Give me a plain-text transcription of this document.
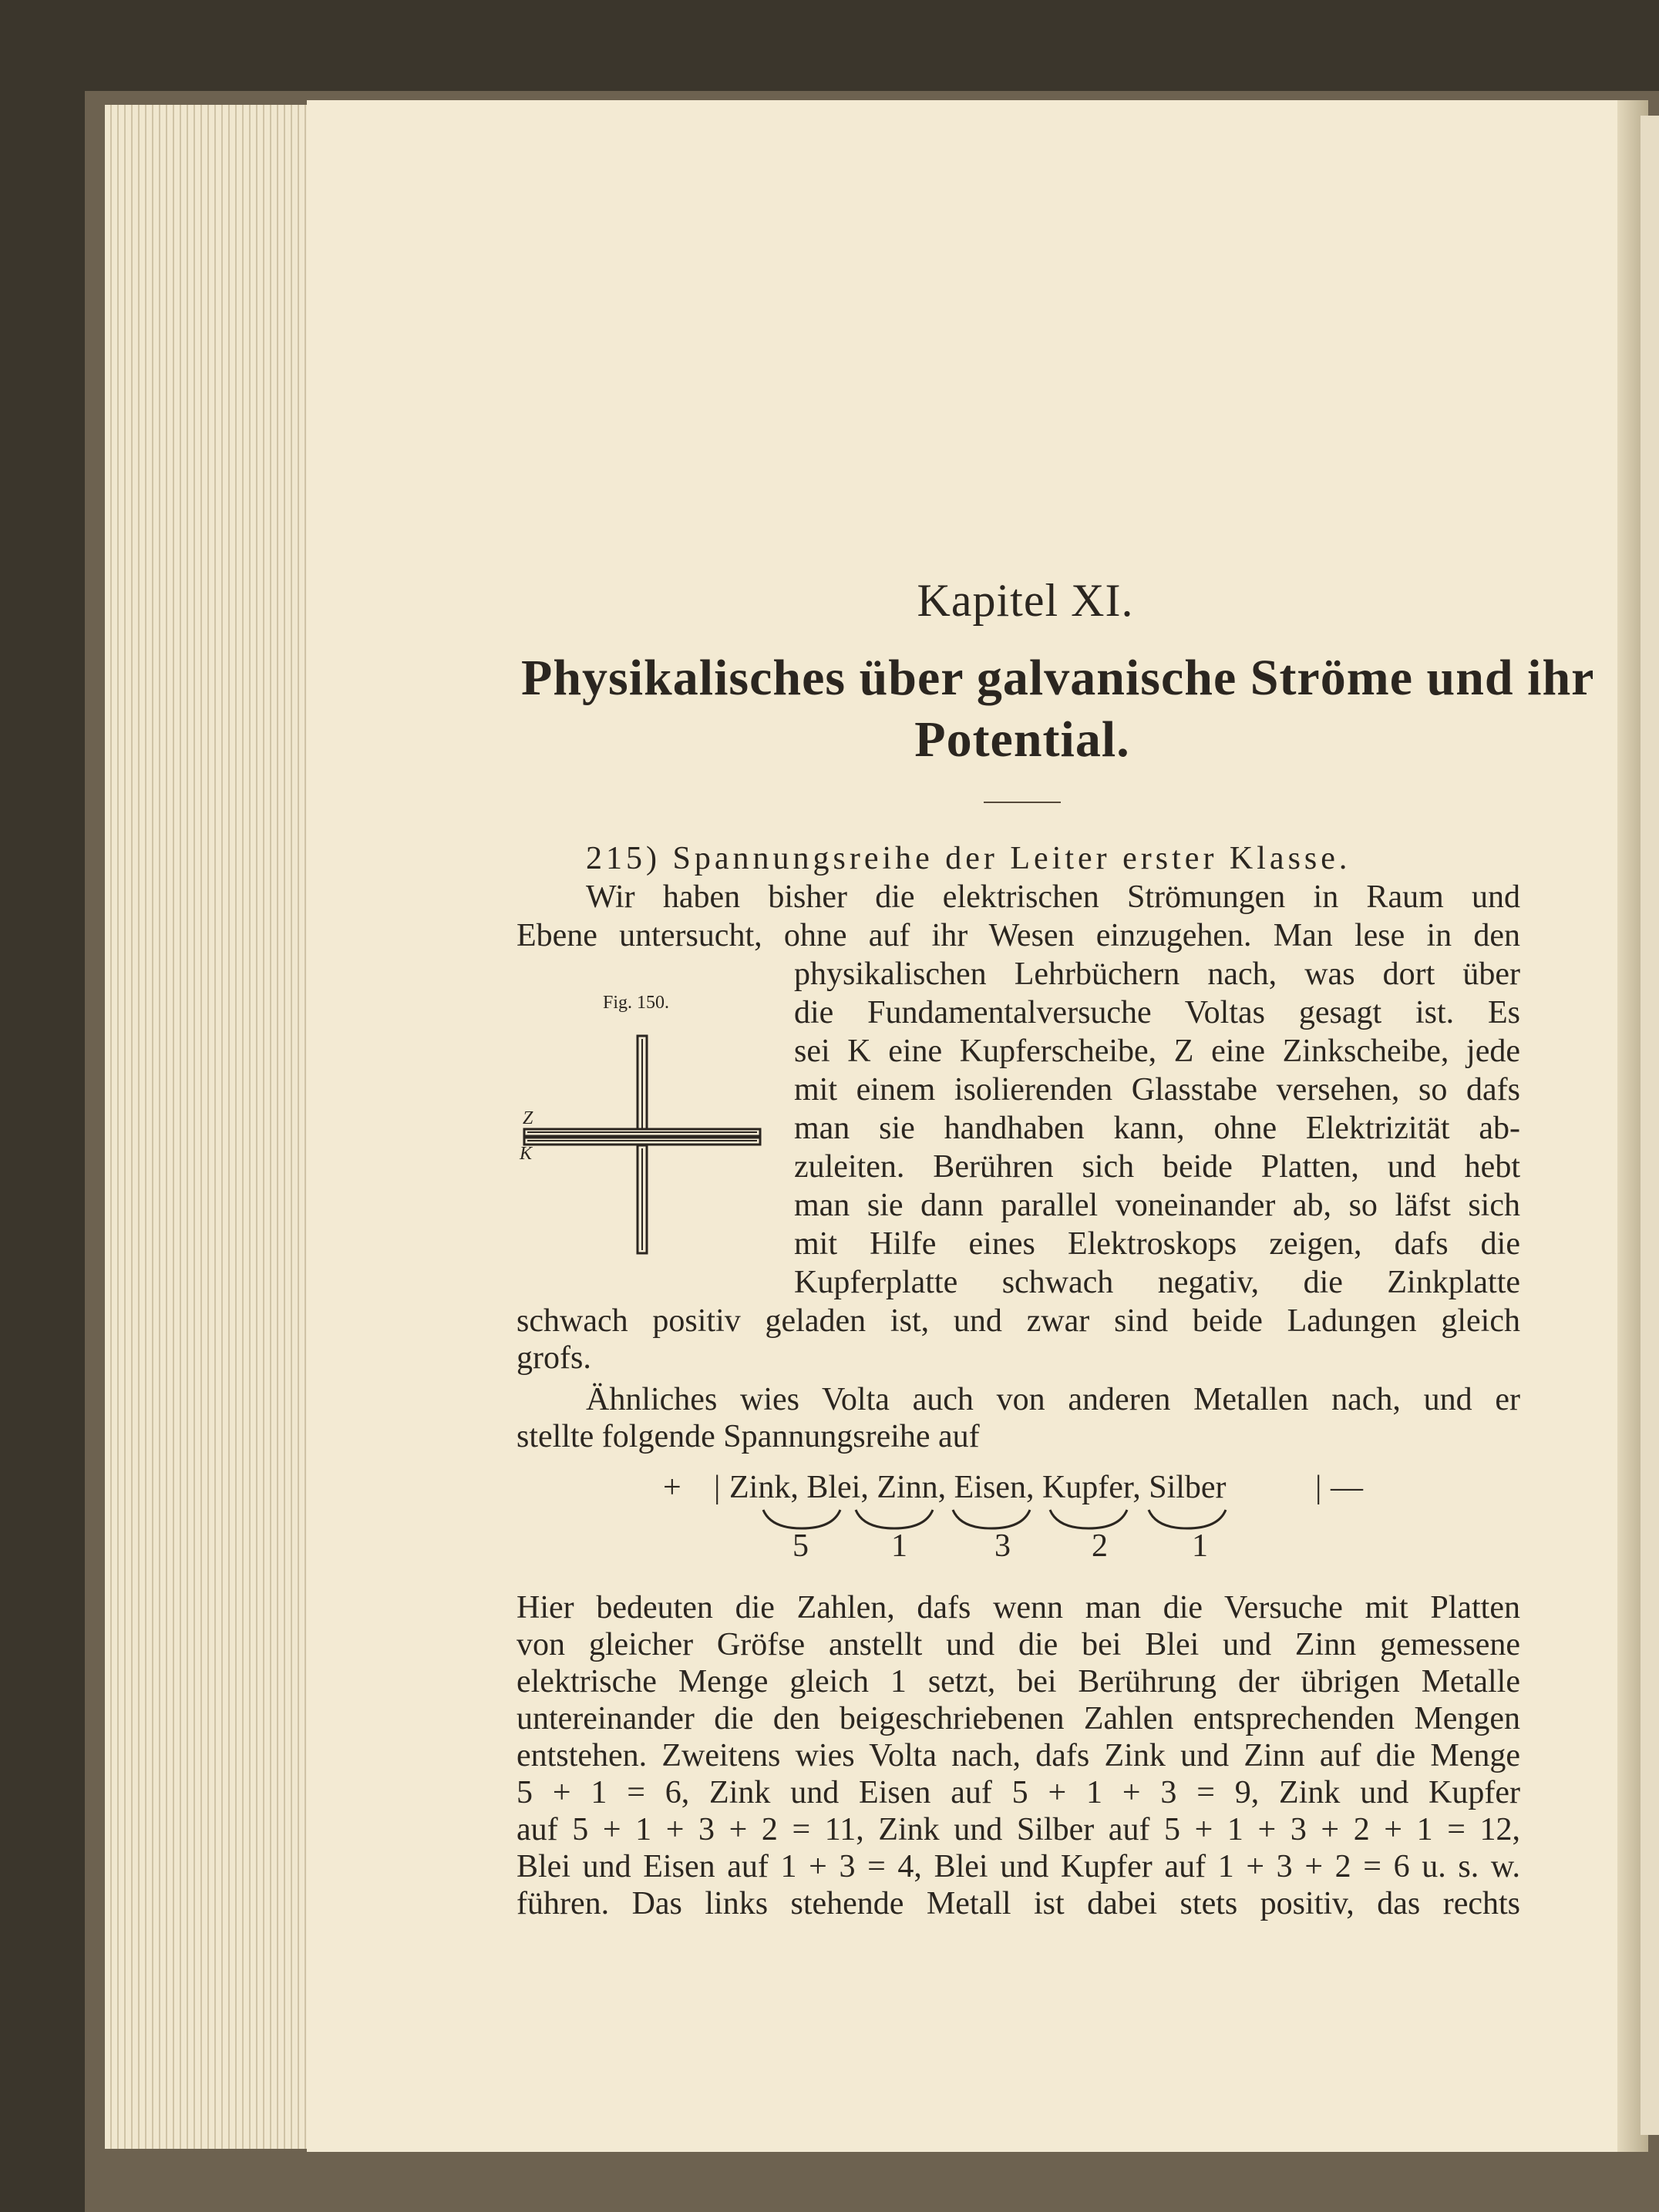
Kapitel XI.
Physikalisches über galvanische Ströme und ihr
Potential.
215) Spannungsreihe der Leiter erster Klasse.
Wir haben bisher die elektrischen Strömungen in Raum und
Ebene untersucht, ohne auf ihr Wesen einzugehen. Man lese in den
physikalischen Lehrbüchern nach, was dort über
die Fundamentalversuche Voltas gesagt ist. Es
sei K eine Kupferscheibe, Z eine Zinkscheibe, jede
mit einem isolierenden Glasstabe versehen, so dafs
man sie handhaben kann, ohne Elektrizität ab-
zuleiten. Berühren sich beide Platten, und hebt
man sie dann parallel voneinander ab, so läfst sich
mit Hilfe eines Elektroskops zeigen, dafs die
Kupferplatte schwach negativ, die Zinkplatte
schwach positiv geladen ist, und zwar sind beide Ladungen gleich
grofs.
Fig. 150.
Z
K
Ähnliches wies Volta auch von anderen Metallen nach, und er
stellte folgende Spannungsreihe auf
+ | Zink, Blei, Zinn, Eisen, Kupfer, Silber	| —
5	1	3	2	1
Hier bedeuten die Zahlen, dafs wenn man die Versuche mit Platten
von gleicher Gröfse anstellt und die bei Blei und Zinn gemessene
elektrische Menge gleich 1 setzt, bei Berührung der übrigen Metalle
untereinander die den beigeschriebenen Zahlen entsprechenden Mengen
entstehen. Zweitens wies Volta nach, dafs Zink und Zinn auf die Menge
5 + 1 = 6, Zink und Eisen auf 5 + 1 + 3 = 9, Zink und Kupfer
auf 5 + 1 + 3 + 2 = 11, Zink und Silber auf 5 + 1 + 3 + 2 + 1 = 12,
Blei und Eisen auf 1 + 3 = 4, Blei und Kupfer auf 1 + 3 + 2 = 6 u. s. w.
führen. Das links stehende Metall ist dabei stets positiv, das rechts
